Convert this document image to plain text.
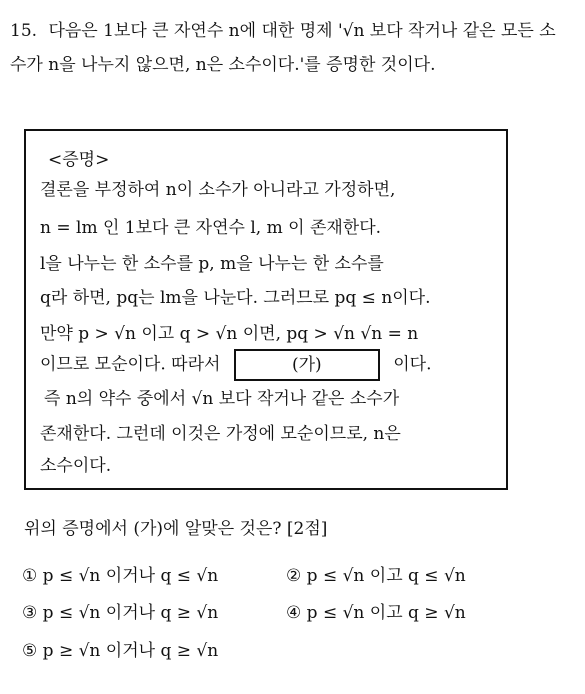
15. 다음은 1보다 큰 자연수 n에 대한 명제 '√n 보다 작거나 같은 모든 소수가 n을 나누지 않으면, n은 소수이다.'를 증명한 것이다.
<증명>
결론을 부정하여 n이 소수가 아니라고 가정하면,
n = lm 인 1보다 큰 자연수 l, m 이 존재한다.
l을 나누는 한 소수를 p, m을 나누는 한 소수를
q라 하면, pq는 lm을 나눈다. 그러므로 pq ≤ n이다.
만약 p > √n 이고 q > √n 이면, pq > √n √n = n
이므로 모순이다. 따라서	(가)	이다.
즉 n의 약수 중에서 √n 보다 작거나 같은 소수가
존재한다. 그런데 이것은 가정에 모순이므로, n은
소수이다.
위의 증명에서 (가)에 알맞은 것은? [2점]
① p ≤ √n 이거나 q ≤ √n	② p ≤ √n 이고 q ≤ √n
③ p ≤ √n 이거나 q ≥ √n	④ p ≤ √n 이고 q ≥ √n
⑤ p ≥ √n 이거나 q ≥ √n
